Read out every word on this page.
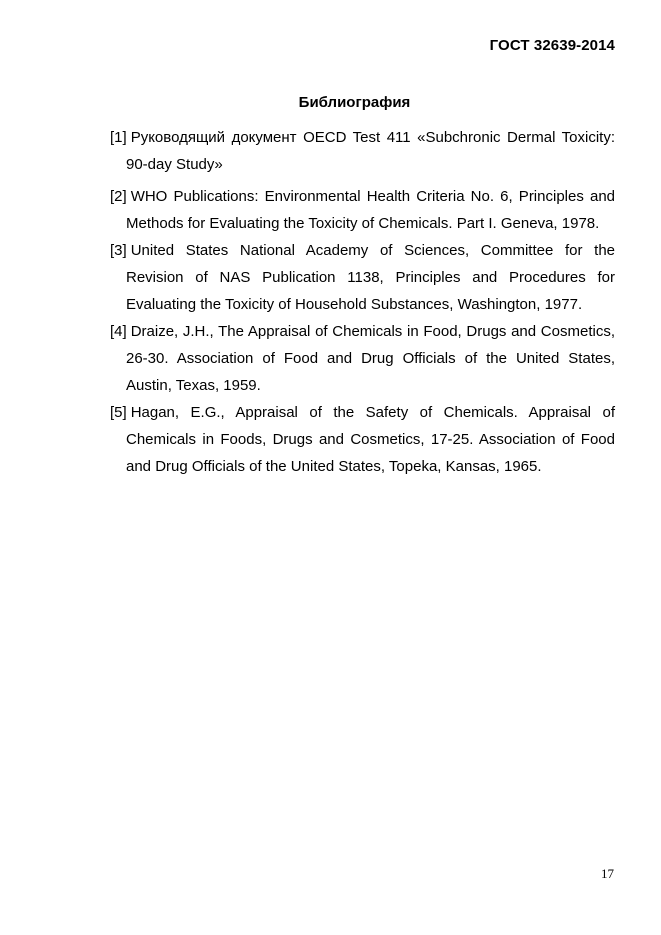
ГОСТ 32639-2014
Библиография
[1] Руководящий документ OECD Test 411 «Subchronic Dermal Toxicity: 90-day Study»
[2] WHO Publications: Environmental Health Criteria No. 6, Principles and Methods for Evaluating the Toxicity of Chemicals. Part I. Geneva, 1978.
[3] United States National Academy of Sciences, Committee for the Revision of NAS Publication 1138, Principles and Procedures for Evaluating the Toxicity of Household Substances, Washington, 1977.
[4] Draize, J.H., The Appraisal of Chemicals in Food, Drugs and Cosmetics, 26-30. Association of Food and Drug Officials of the United States, Austin, Texas, 1959.
[5] Hagan, E.G., Appraisal of the Safety of Chemicals. Appraisal of Chemicals in Foods, Drugs and Cosmetics, 17-25. Association of Food and Drug Officials of the United States, Topeka, Kansas, 1965.
17
